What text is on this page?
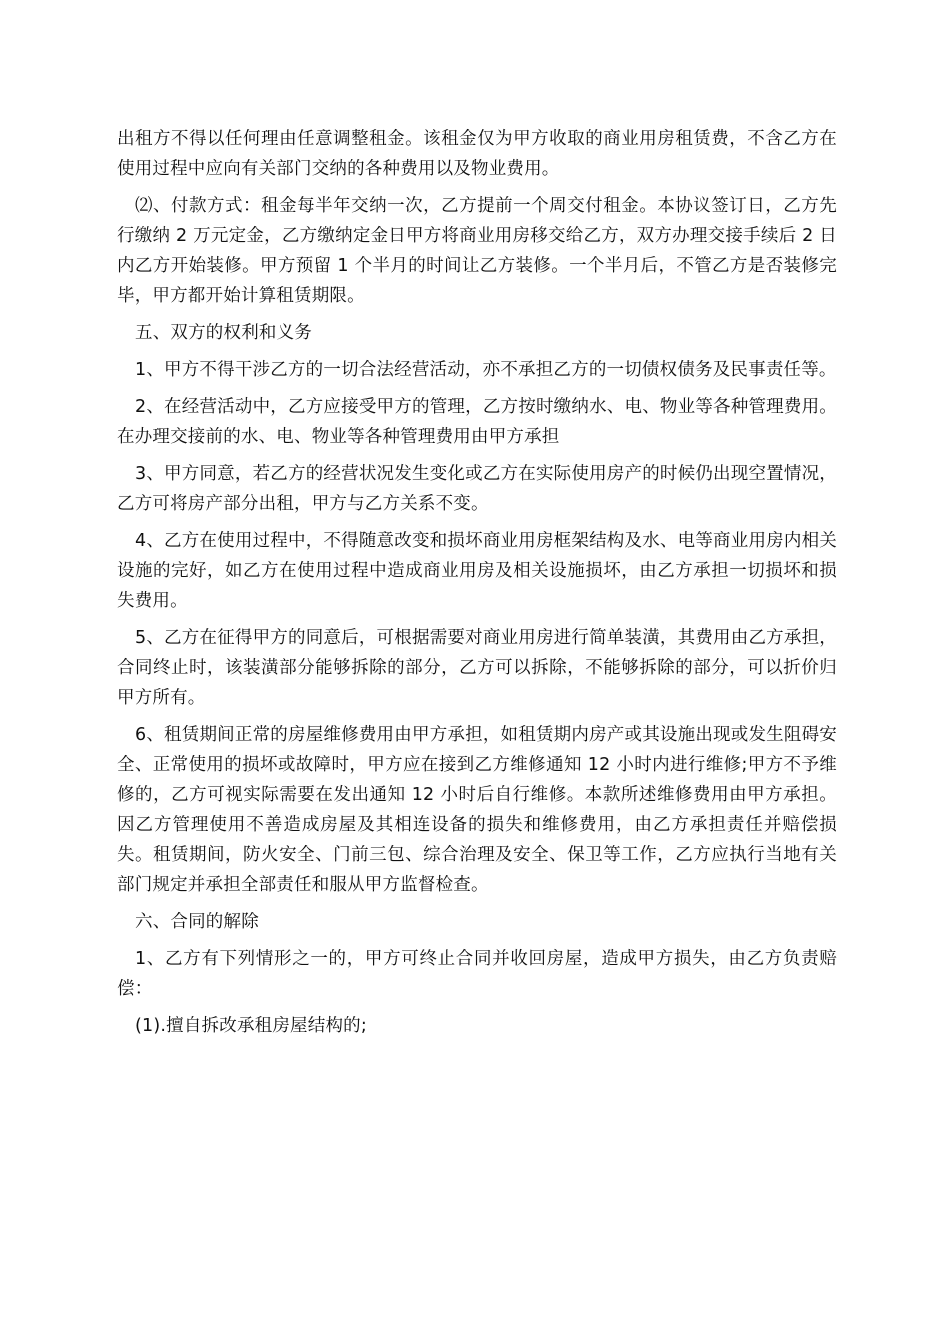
出租方不得以任何理由任意调整租金。该租金仅为甲方收取的商业用房租赁费，不含乙方在使用过程中应向有关部门交纳的各种费用以及物业费用。

⑵、付款方式：租金每半年交纳一次，乙方提前一个周交付租金。本协议签订日，乙方先行缴纳 2 万元定金，乙方缴纳定金日甲方将商业用房移交给乙方，双方办理交接手续后 2 日内乙方开始装修。甲方预留 1 个半月的时间让乙方装修。一个半月后，不管乙方是否装修完毕，甲方都开始计算租赁期限。

五、双方的权利和义务

1、甲方不得干涉乙方的一切合法经营活动，亦不承担乙方的一切债权债务及民事责任等。

2、在经营活动中，乙方应接受甲方的管理，乙方按时缴纳水、电、物业等各种管理费用。在办理交接前的水、电、物业等各种管理费用由甲方承担

3、甲方同意，若乙方的经营状况发生变化或乙方在实际使用房产的时候仍出现空置情况，乙方可将房产部分出租，甲方与乙方关系不变。

4、乙方在使用过程中，不得随意改变和损坏商业用房框架结构及水、电等商业用房内相关设施的完好，如乙方在使用过程中造成商业用房及相关设施损坏，由乙方承担一切损坏和损失费用。

5、乙方在征得甲方的同意后，可根据需要对商业用房进行简单装潢，其费用由乙方承担，合同终止时，该装潢部分能够拆除的部分，乙方可以拆除，不能够拆除的部分，可以折价归甲方所有。

6、租赁期间正常的房屋维修费用由甲方承担，如租赁期内房产或其设施出现或发生阻碍安全、正常使用的损坏或故障时，甲方应在接到乙方维修通知 12 小时内进行维修;甲方不予维修的，乙方可视实际需要在发出通知 12 小时后自行维修。本款所述维修费用由甲方承担。因乙方管理使用不善造成房屋及其相连设备的损失和维修费用，由乙方承担责任并赔偿损失。租赁期间，防火安全、门前三包、综合治理及安全、保卫等工作，乙方应执行当地有关部门规定并承担全部责任和服从甲方监督检查。

六、合同的解除

1、乙方有下列情形之一的，甲方可终止合同并收回房屋，造成甲方损失，由乙方负责赔偿：

(1).擅自拆改承租房屋结构的;
